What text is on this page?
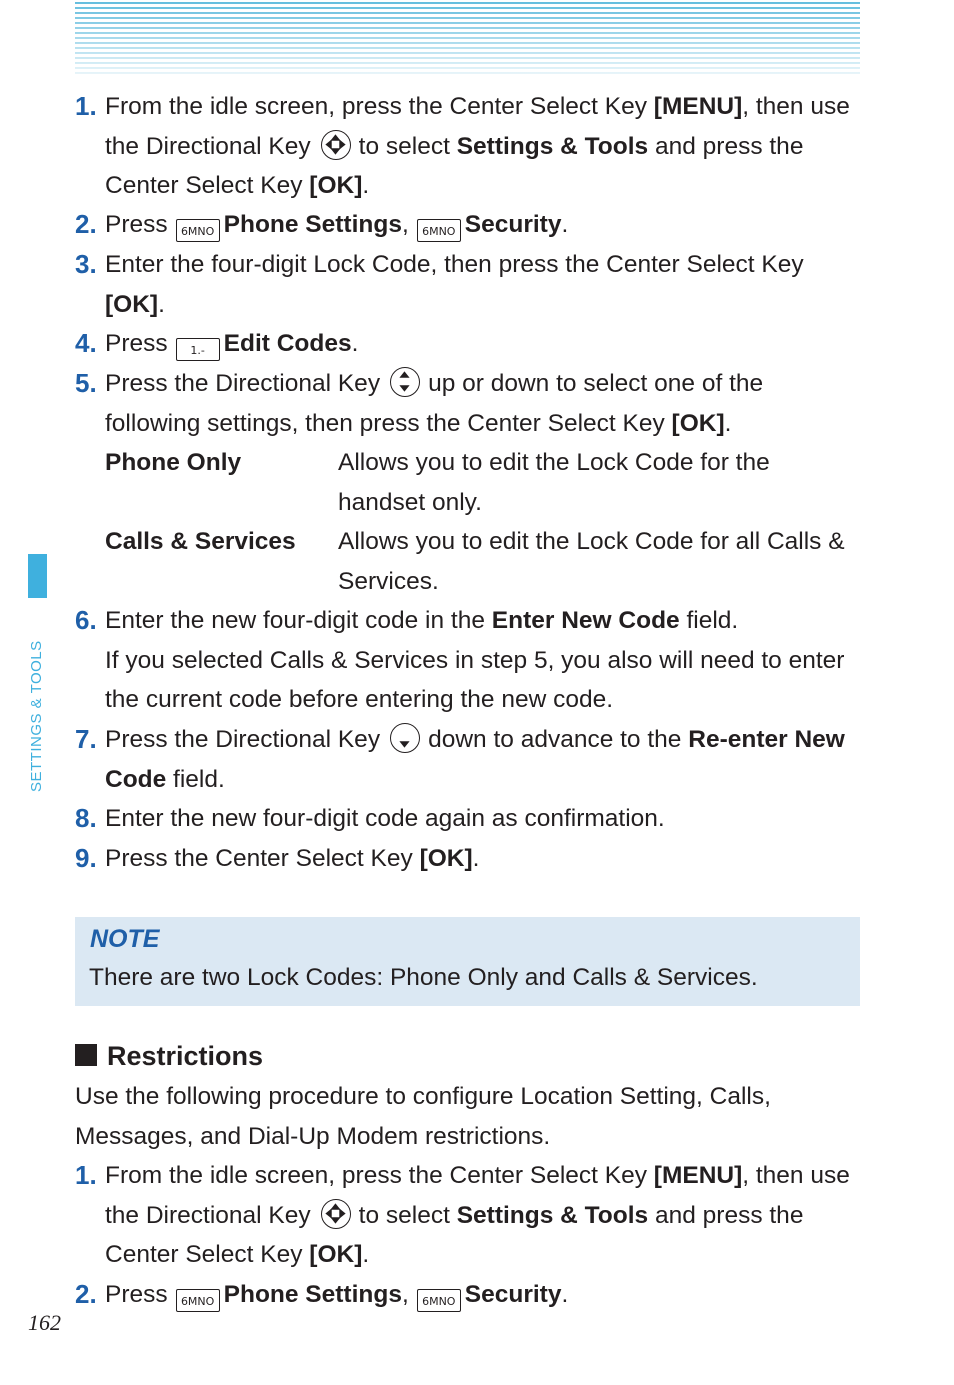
SETTINGS & TOOLS
1. From the idle screen, press the Center Select Key [MENU], then use the Directional Key to select Settings & Tools and press the Center Select Key [OK].
2. Press 6MNO Phone Settings, 6MNO Security.
3. Enter the four-digit Lock Code, then press the Center Select Key [OK].
4. Press 1.- Edit Codes.
5. Press the Directional Key up or down to select one of the following settings, then press the Center Select Key [OK].
Phone Only	Allows you to edit the Lock Code for the handset only.
Calls & Services Allows you to edit the Lock Code for all Calls & Services.
6. Enter the new four-digit code in the Enter New Code field.
If you selected Calls & Services in step 5, you also will need to enter the current code before entering the new code.
7. Press the Directional Key down to advance to the Re-enter New Code field.
8. Enter the new four-digit code again as confirmation.
9. Press the Center Select Key [OK].
NOTE
There are two Lock Codes: Phone Only and Calls & Services.
Restrictions
Use the following procedure to configure Location Setting, Calls, Messages, and Dial-Up Modem restrictions.
1. From the idle screen, press the Center Select Key [MENU], then use the Directional Key to select Settings & Tools and press the Center Select Key [OK].
2. Press 6MNO Phone Settings, 6MNO Security.
162
